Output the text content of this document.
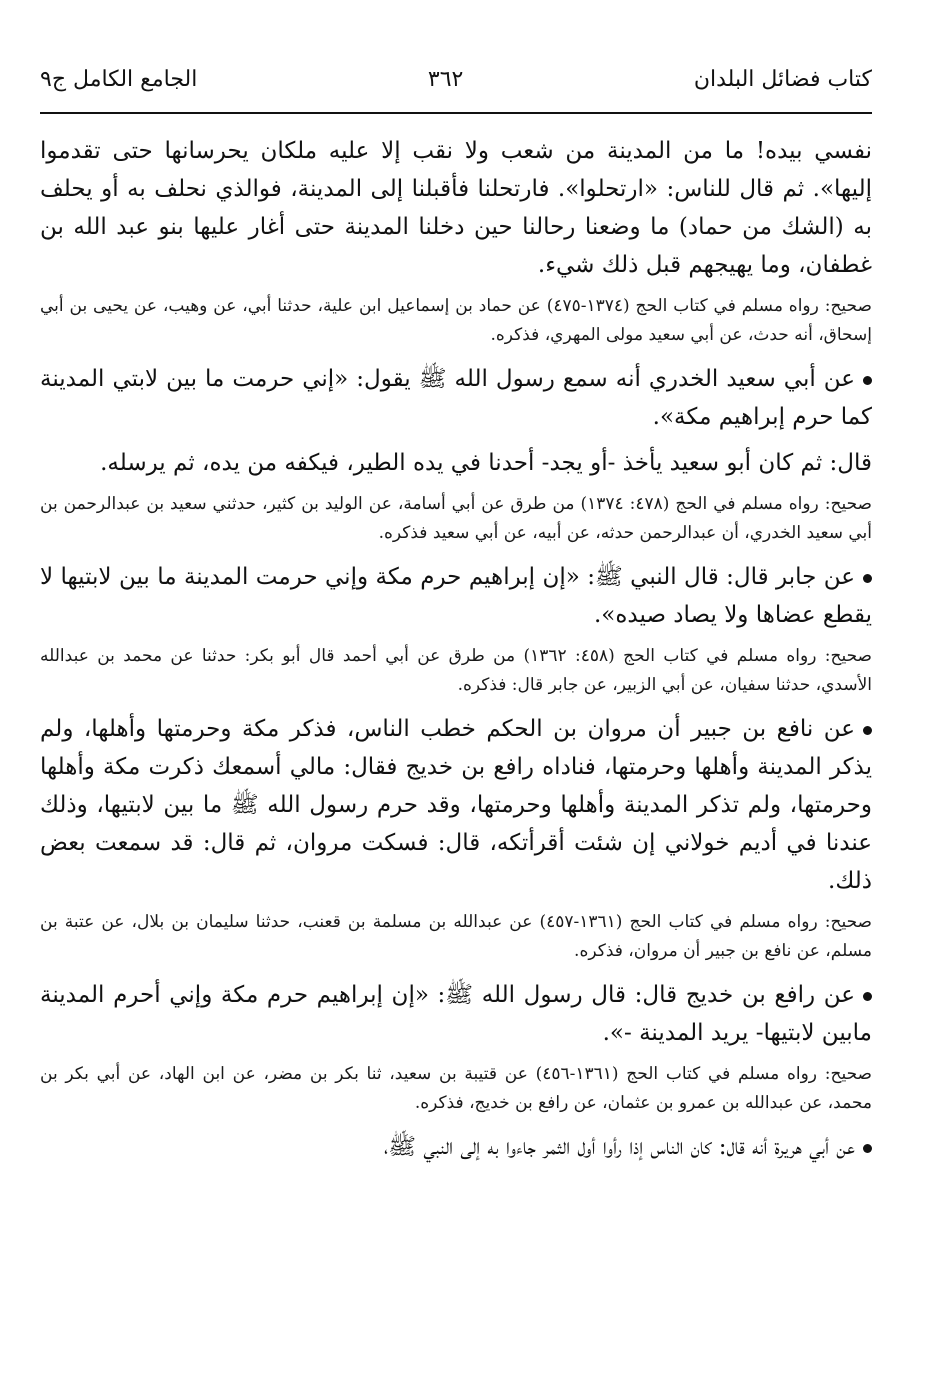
كتاب فضائل البلدان
٣٦٢
الجامع الكامل ج٩

نفسي بيده! ما من المدينة من شعب ولا نقب إلا عليه ملكان يحرسانها حتى تقدموا إليها». ثم قال للناس: «ارتحلوا». فارتحلنا فأقبلنا إلى المدينة، فوالذي نحلف به أو يحلف به (الشك من حماد) ما وضعنا رحالنا حين دخلنا المدينة حتى أغار عليها بنو عبد الله بن غطفان، وما يهيجهم قبل ذلك شيء.

صحيح: رواه مسلم في كتاب الحج (١٣٧٤-٤٧٥) عن حماد بن إسماعيل ابن علية، حدثنا أبي، عن وهيب، عن يحيى بن أبي إسحاق، أنه حدث، عن أبي سعيد مولى المهري، فذكره.

عن أبي سعيد الخدري أنه سمع رسول الله ﷺ يقول: «إني حرمت ما بين لابتي المدينة كما حرم إبراهيم مكة».

قال: ثم كان أبو سعيد يأخذ -أو يجد- أحدنا في يده الطير، فيكفه من يده، ثم يرسله.

صحيح: رواه مسلم في الحج (٤٧٨: ١٣٧٤) من طرق عن أبي أسامة، عن الوليد بن كثير، حدثني سعيد بن عبدالرحمن بن أبي سعيد الخدري، أن عبدالرحمن حدثه، عن أبيه، عن أبي سعيد فذكره.

عن جابر قال: قال النبي ﷺ: «إن إبراهيم حرم مكة وإني حرمت المدينة ما بين لابتيها لا يقطع عضاها ولا يصاد صيده».

صحيح: رواه مسلم في كتاب الحج (٤٥٨: ١٣٦٢) من طرق عن أبي أحمد قال أبو بكر: حدثنا عن محمد بن عبدالله الأسدي، حدثنا سفيان، عن أبي الزبير، عن جابر قال: فذكره.

عن نافع بن جبير أن مروان بن الحكم خطب الناس، فذكر مكة وحرمتها وأهلها، ولم يذكر المدينة وأهلها وحرمتها، فناداه رافع بن خديج فقال: مالي أسمعك ذكرت مكة وأهلها وحرمتها، ولم تذكر المدينة وأهلها وحرمتها، وقد حرم رسول الله ﷺ ما بين لابتيها، وذلك عندنا في أديم خولاني إن شئت أقرأتكه، قال: فسكت مروان، ثم قال: قد سمعت بعض ذلك.

صحيح: رواه مسلم في كتاب الحج (١٣٦١-٤٥٧) عن عبدالله بن مسلمة بن قعنب، حدثنا سليمان بن بلال، عن عتبة بن مسلم، عن نافع بن جبير أن مروان، فذكره.

عن رافع بن خديج قال: قال رسول الله ﷺ: «إن إبراهيم حرم مكة وإني أحرم المدينة مابين لابتيها- يريد المدينة -».

صحيح: رواه مسلم في كتاب الحج (١٣٦١-٤٥٦) عن قتيبة بن سعيد، ثنا بكر بن مضر، عن ابن الهاد، عن أبي بكر بن محمد، عن عبدالله بن عمرو بن عثمان، عن رافع بن خديج، فذكره.

عن أبي هريرة أنه قال: كان الناس إذا رأوا أول الثمر جاءوا به إلى النبي ﷺ،
